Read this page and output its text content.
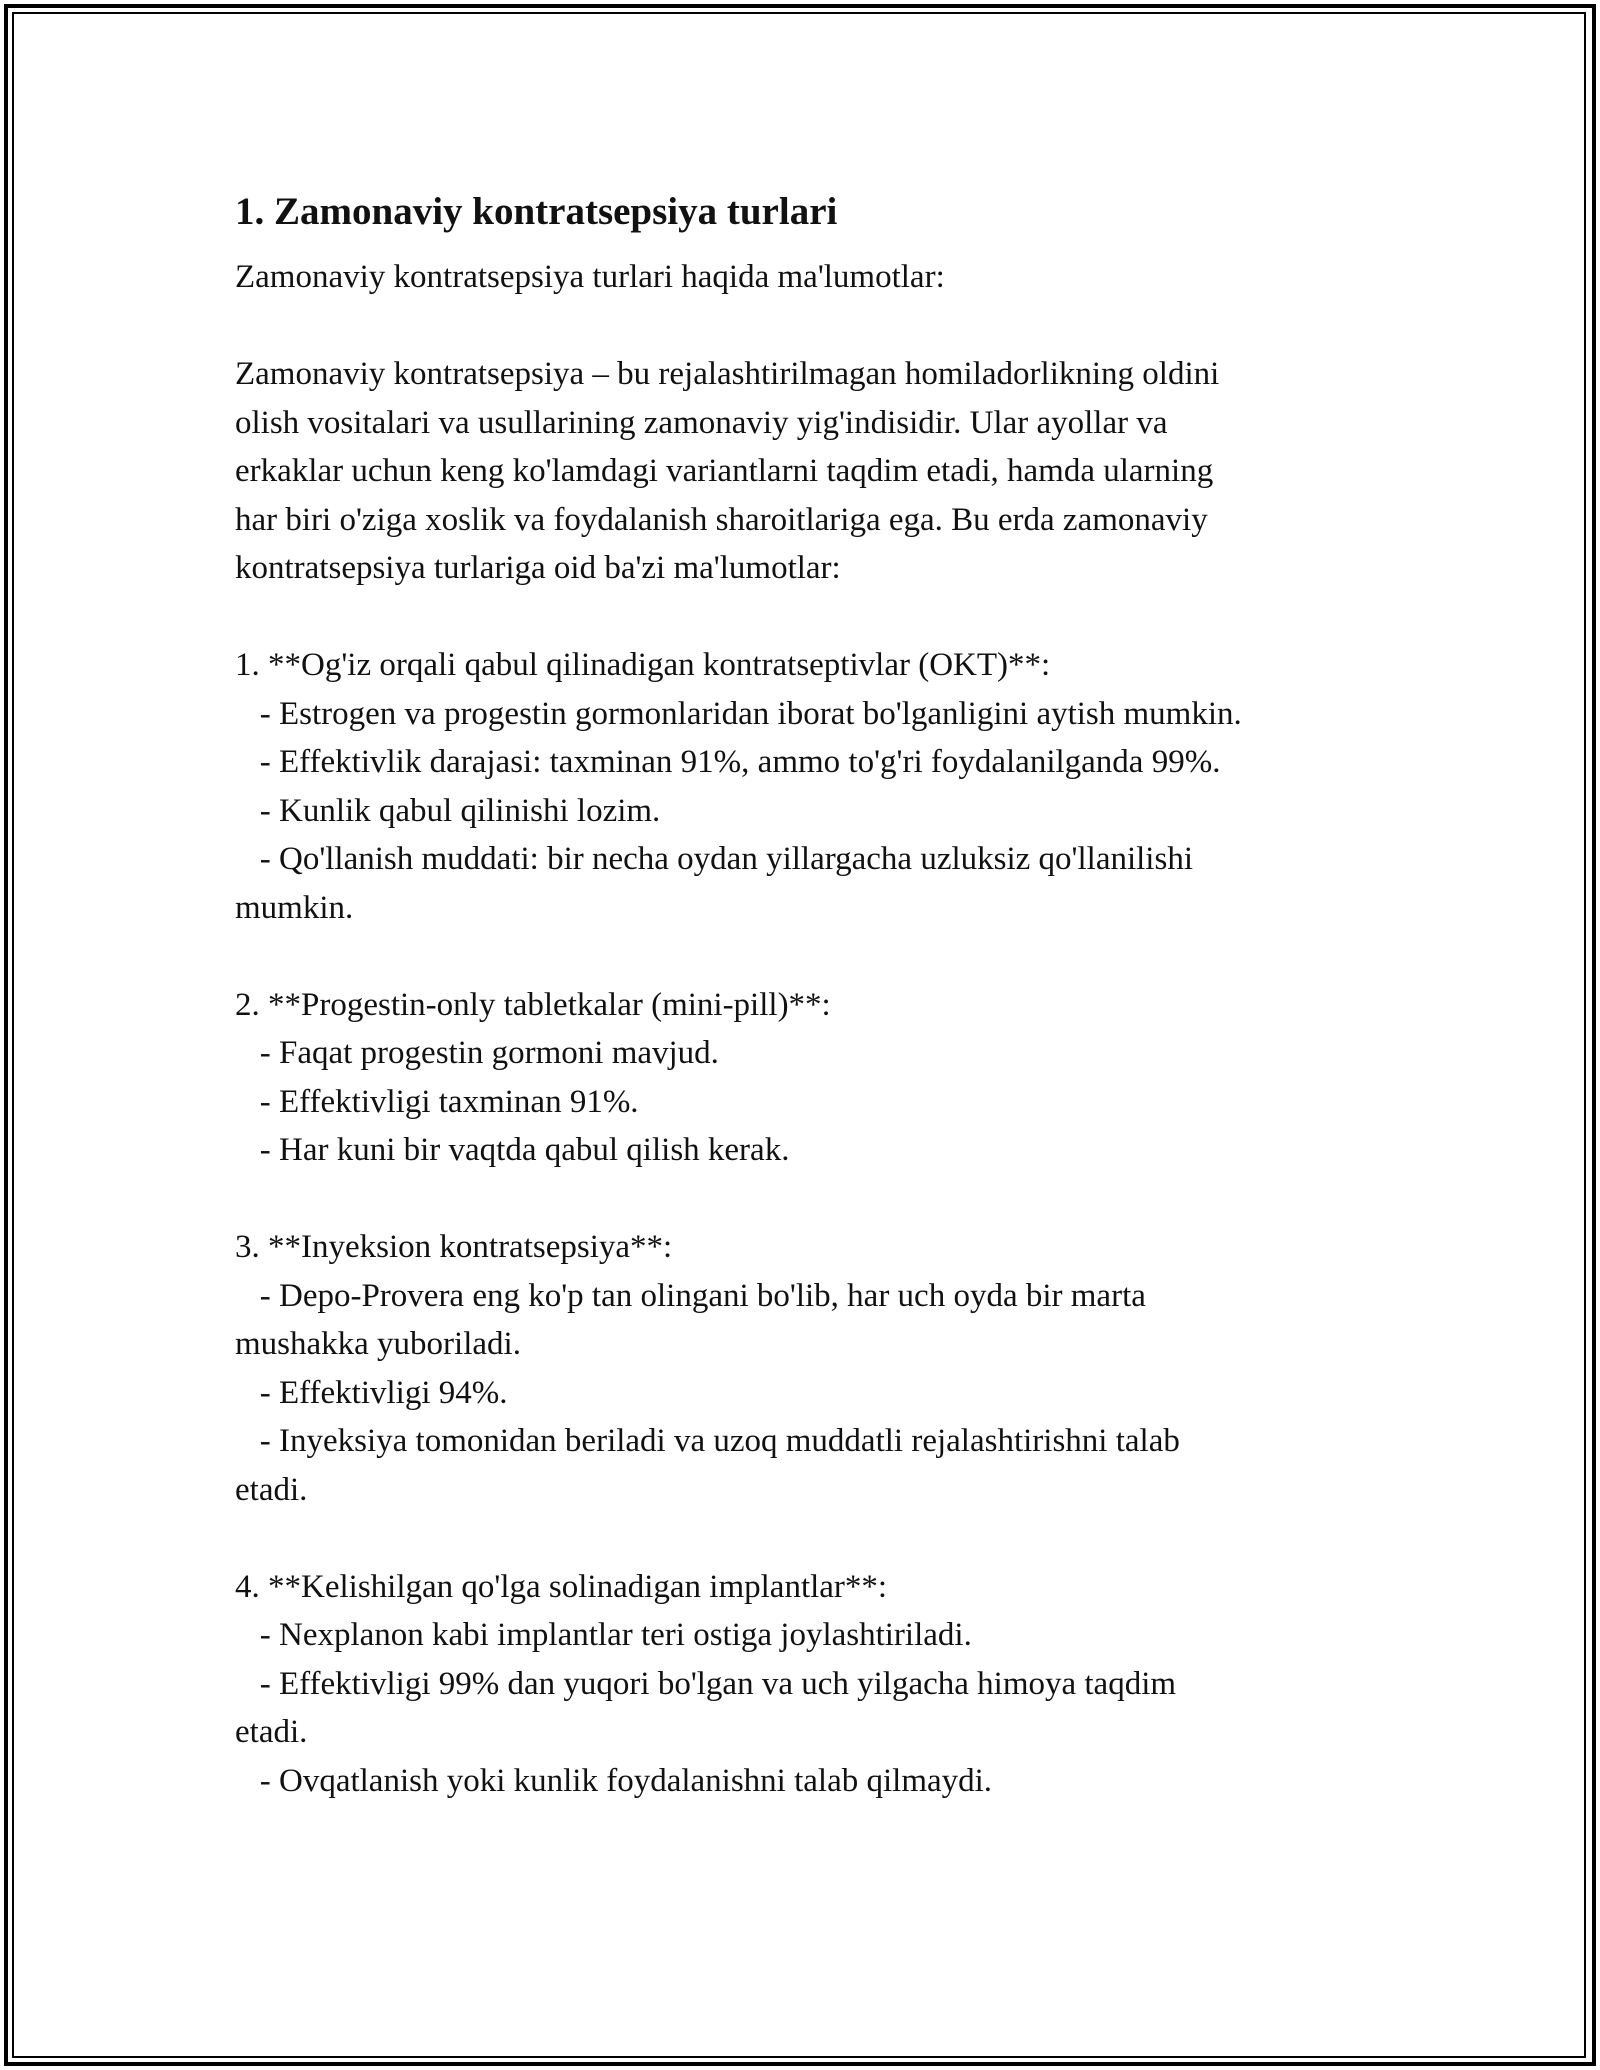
1. Zamonaviy kontratsepsiya turlari

Zamonaviy kontratsepsiya turlari haqida ma'lumotlar:

Zamonaviy kontratsepsiya – bu rejalashtirilmagan homiladorlikning oldini

olish vositalari va usullarining zamonaviy yig'indisidir. Ular ayollar va

erkaklar uchun keng ko'lamdagi variantlarni taqdim etadi, hamda ularning

har biri o'ziga xoslik va foydalanish sharoitlariga ega. Bu erda zamonaviy

kontratsepsiya turlariga oid ba'zi ma'lumotlar:

1. **Og'iz orqali qabul qilinadigan kontratseptivlar (OKT)**:

- Estrogen va progestin gormonlaridan iborat bo'lganligini aytish mumkin.

- Effektivlik darajasi: taxminan 91%, ammo to'g'ri foydalanilganda 99%.

- Kunlik qabul qilinishi lozim.

- Qo'llanish muddati: bir necha oydan yillargacha uzluksiz qo'llanilishi

mumkin.

2. **Progestin-only tabletkalar (mini-pill)**:

- Faqat progestin gormoni mavjud.

- Effektivligi taxminan 91%.

- Har kuni bir vaqtda qabul qilish kerak.

3. **Inyeksion kontratsepsiya**:

- Depo-Provera eng ko'p tan olingani bo'lib, har uch oyda bir marta

mushakka yuboriladi.

- Effektivligi 94%.

- Inyeksiya tomonidan beriladi va uzoq muddatli rejalashtirishni talab

etadi.

4. **Kelishilgan qo'lga solinadigan implantlar**:

- Nexplanon kabi implantlar teri ostiga joylashtiriladi.

- Effektivligi 99% dan yuqori bo'lgan va uch yilgacha himoya taqdim

etadi.

- Ovqatlanish yoki kunlik foydalanishni talab qilmaydi.
